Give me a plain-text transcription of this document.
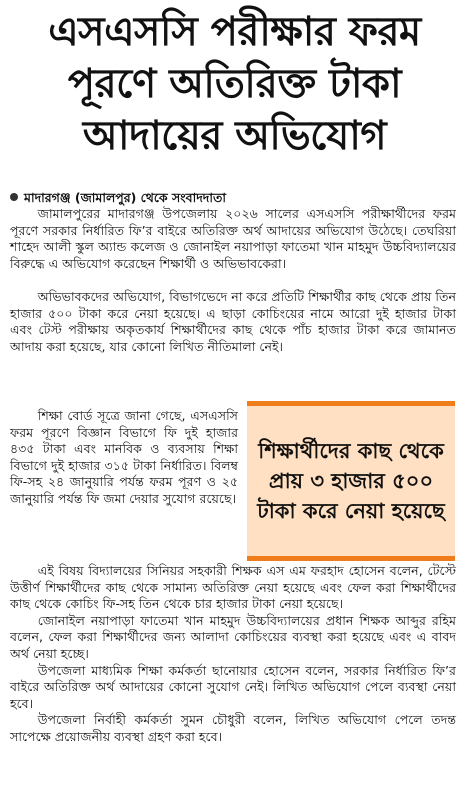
এসএসসি পরীক্ষার ফরম
পূরণে অতিরিক্ত টাকা
আদায়ের অভিযোগ
মাদারগঞ্জ (জামালপুর) থেকে সংবাদদাতা

জামালপুরের মাদারগঞ্জ উপজেলায় ২০২৬ সালের এসএসসি পরীক্ষার্থীদের ফরম পূরণে সরকার নির্ধারিত ফি’র বাইরে অতিরিক্ত অর্থ আদায়ের অভিযোগ উঠেছে। তেঘরিয়া শাহেদ আলী স্কুল অ্যান্ড কলেজ ও জোনাইল নয়াপাড়া ফাতেমা খান মাহমুদ উচ্চবিদ্যালয়ের বিরুদ্ধে এ অভিযোগ করেছেন শিক্ষার্থী ও অভিভাবকেরা।

অভিভাবকদের অভিযোগ, বিভাগভেদে না করে প্রতিটি শিক্ষার্থীর কাছ থেকে প্রায় তিন হাজার ৫০০ টাকা করে নেয়া হয়েছে। এ ছাড়া কোচিংয়ের নামে আরো দুই হাজার টাকা এবং টেস্ট পরীক্ষায় অকৃতকার্য শিক্ষার্থীদের কাছ থেকে পাঁচ হাজার টাকা করে জামানত আদায় করা হয়েছে, যার কোনো লিখিত নীতিমালা নেই।

শিক্ষা বোর্ড সূত্রে জানা গেছে, এসএসসি ফরম পূরণে বিজ্ঞান বিভাগে ফি দুই হাজার ৪৩৫ টাকা এবং মানবিক ও ব্যবসায় শিক্ষা বিভাগে দুই হাজার ৩১৫ টাকা নির্ধারিত। বিলম্ব ফি-সহ ২৪ জানুয়ারি পর্যন্ত ফরম পূরণ ও ২৫ জানুয়ারি পর্যন্ত ফি জমা দেয়ার সুযোগ রয়েছে।

শিক্ষার্থীদের কাছ থেকে প্রায় ৩ হাজার ৫০০ টাকা করে নেয়া হয়েছে

এই বিষয় বিদ্যালয়ের সিনিয়র সহকারী শিক্ষক এস এম ফরহাদ হোসেন বলেন, টেস্টে উত্তীর্ণ শিক্ষার্থীদের কাছ থেকে সামান্য অতিরিক্ত নেয়া হয়েছে এবং ফেল করা শিক্ষার্থীদের কাছ থেকে কোচিং ফি-সহ তিন থেকে চার হাজার টাকা নেয়া হয়েছে।

জোনাইল নয়াপাড়া ফাতেমা খান মাহমুদ উচ্চবিদ্যালয়ের প্রধান শিক্ষক আব্দুর রহিম বলেন, ফেল করা শিক্ষার্থীদের জন্য আলাদা কোচিংয়ের ব্যবস্থা করা হয়েছে এবং এ বাবদ অর্থ নেয়া হচ্ছে।

উপজেলা মাধ্যমিক শিক্ষা কর্মকর্তা ছানোয়ার হোসেন বলেন, সরকার নির্ধারিত ফি’র বাইরে অতিরিক্ত অর্থ আদায়ের কোনো সুযোগ নেই। লিখিত অভিযোগ পেলে ব্যবস্থা নেয়া হবে।

উপজেলা নির্বাহী কর্মকর্তা সুমন চৌধুরী বলেন, লিখিত অভিযোগ পেলে তদন্ত সাপেক্ষে প্রয়োজনীয় ব্যবস্থা গ্রহণ করা হবে।
